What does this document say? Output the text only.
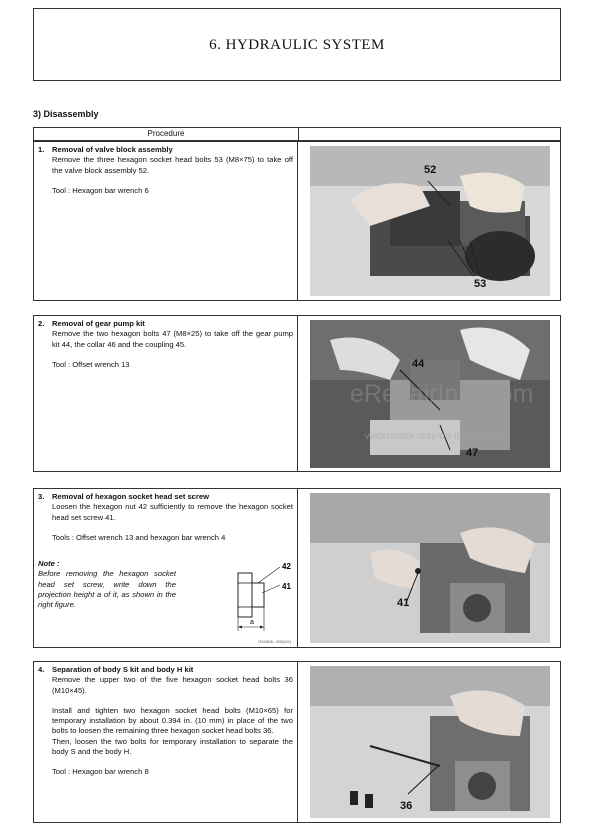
6. HYDRAULIC SYSTEM
3) Disassembly
Procedure
1. Removal of valve block assembly
Remove the three hexagon socket head bolts 53 (M8×75) to take off the valve block assembly 52.
Tool : Hexagon bar wrench 6
52
53
2. Removal of gear pump kit
Remove the two hexagon bolts 47 (M8×25) to take off the gear pump kit 44, the collar 46 and the coupling 45.
Tool : Offset wrench 13	44
47
3. Removal of hexagon socket head set screw
Loosen the hexagon nut 42 sufficiently to remove the hexagon socket head set screw 41.
Tools : Offset wrench 13 and hexagon bar wrench 4
Note :
Before removing the hexagon socket head set screw, write down the projection height a of it, as shown in the right figure.
a
42
41
OX1508 - 002(XX)
41
4. Separation of body S kit and body H kit
Remove the upper two of the five hexagon socket head bolts 36 (M10×45).
Install and tighten two hexagon socket head bolts (M10×65) for temporary installation by about 0.394 in. (10 mm) in place of the two bolts to loosen the remaining three hexagon socket head bolts 36.
Then, loosen the two bolts for temporary installation to separate the body S and the body H.
Tool : Hexagon bar wrench 8
36
eRepairInfo.com
watermark only on this sample.
